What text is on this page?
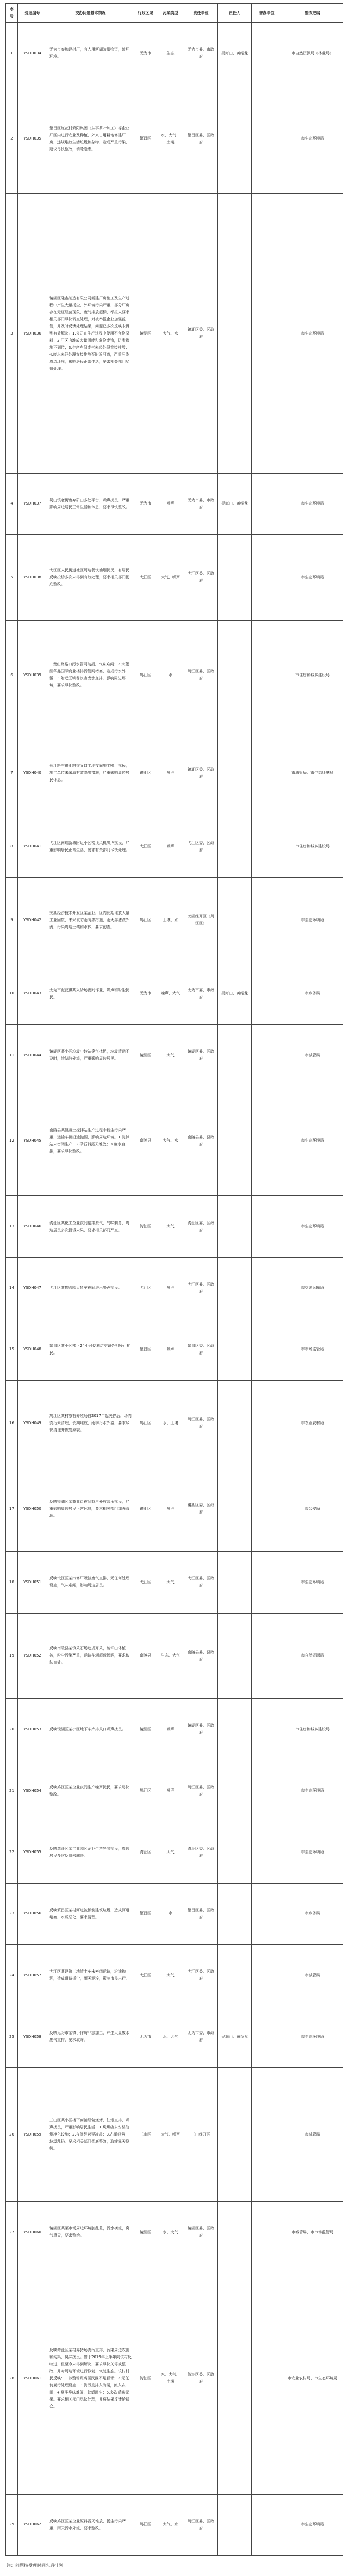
序号	受理编号	交办问题基本情况	行政区域	污染类型	责任单位	责任人	督办单位	整改进展
1	YSDH034	无为市泰和建材厂，有人用河湖防洪物资，破坏环境。	无为市	生态	无为市委、市政府	吴海山、黄绍龙		市自然资源局（林业局）
2	YSDH035	繁昌区红花村繁阳集团（从事茶叶加工）等企业厂区内进行农业及种植，外来占用耕地修建厂房，违规堆放生活垃圾和杂物，造成严重污染，建议尽快整改，消除隐患。	繁昌区	水、大气、土壤	繁昌区委、区政府			市生态环境局
3	YSDH036	镜湖区隆鑫制造有限公司新建厂房施工及生产过程中产生大量扬尘，外环境污染严重，部分厂房存在无证经营现象，废气排放超标，举报人要求相关部门尽快调查处理，对被举报企业加强监管，并及时反馈处理结果，问题已多次反映未得到有效解决。1.公司在生产过程中使用不合格原料；2.厂区内堆放大量固废和危险废物，防渗措施不到位；3.生产车间废气未经处理直接排放；4.废水未经处理直接排放至附近河道，严重污染周边环境，影响居民正常生活，要求相关部门尽快处理。	镜湖区	大气、水	镜湖区委、区政府			市生态环境局
4	YSDH037	蜀山镇老街废弃矿山多处平台，噪声扰民，严重影响周边居民正常生活和休息，要求尽快整改。	无为市	噪声	无为市委、市政府	吴海山、黄绍龙		市生态环境局
5	YSDH038	弋江区人民街道社区周边餐饮油烟扰民，有居民反映投诉多次未得到有效处理，要求相关部门彻底整改。	弋江区	大气、噪声	弋江区委、区政府			市生态环境局
6	YSDH039	1.贵山路路口污水管网破损，气味难闻；2.大蓝湖华鑫国际商业楼排污管网堵塞，造成污水外溢；3.附近区域餐饮店废水直排，影响周边环境，要求尽快整改。	鸠江区	水	鸠江区委、区政府			市住房和城乡建设局
7	YSDH040	长江路与银湖路交叉口工地夜间施工噪声扰民，施工单位未采取有效降噪措施，严重影响周边居民休息。	镜湖区	噪声	镜湖区委、区政府			市城管局、市生态环境局
8	YSDH041	弋江区南瑞新城附近小区楼顶风机噪声扰民，严重影响居民正常生活，要求有关部门尽快处理。	弋江区	噪声	弋江区委、区政府			市住房和城乡建设局
9	YSDH042	芜湖经济技术开发区某企业厂区内长期堆放大量工业固废，未采取防雨防渗措施，雨天渗滤液外流，污染周边土壤和水体，要求彻查。	鸠江区	土壤、水	芜湖经开区（鸠江区）			市生态环境局
10	YSDH043	无为市泥汊镇某采砂场夜间作业，噪声和粉尘扰民。	无为市	噪声、大气	无为市委、市政府	吴海山、黄绍龙		市水务局
11	YSDH044	镜湖区某小区垃圾中转站臭气扰民，垃圾清运不及时，渗滤液外流，严重影响周边居民。	镜湖区	大气	镜湖区委、区政府			市城管局
12	YSDH045	南陵县某混凝土搅拌站生产过程中粉尘污染严重，运输车辆沿途抛洒，影响周边环境。1.搅拌站未密闭生产；2.砂石料露天堆放；3.废水直排，要求尽快整改。	南陵县	大气、水	南陵县委、县政府			市生态环境局
13	YSDH046	湾沚区某化工企业夜间偷排废气，气味刺鼻，周边居民多次投诉未果，要求相关部门严查。	湾沚区	大气	湾沚区委、区政府			市生态环境局
14	YSDH047	弋江区某物流园大货车夜间进出噪声扰民。	弋江区	噪声	弋江区委、区政府			市交通运输局
15	YSDH048	繁昌区某小区楼下24小时便利店空调外机噪声扰民。	繁昌区	噪声	繁昌区委、区政府			市市场监管局
16	YSDH049	鸠江区某村原有养殖场自2017年起关停后，场内粪污未清理，长期堆放，雨季污水外溢，要求尽快清理并恢复原貌。	鸠江区	水、土壤	鸠江区委、区政府			市农业农村局
17	YSDH050	反映镜湖区某商业街夜间商户外放音乐扰民，严重影响周边居民正常休息，要求相关部门加强管理。	镜湖区	噪声	镜湖区委、区政府			市公安局
18	YSDH051	反映弋江区某汽修厂喷漆废气直排，无任何处理设施，气味难闻，影响周边居民。	弋江区	大气	弋江区委、区政府			市生态环境局
19	YSDH052	反映南陵县某镇采石场违规开采，破坏山体植被，粉尘污染严重，运输车辆超载抛洒，要求依法查处。	南陵县	生态、大气	南陵县委、县政府			市自然资源局
20	YSDH053	反映镜湖区某小区地下车库排风口噪声扰民。	镜湖区	噪声	镜湖区委、区政府			市住房和城乡建设局
21	YSDH054	反映鸠江区某企业夜间生产噪声扰民，要求尽快整改。	鸠江区	噪声	鸠江区委、区政府			市生态环境局
22	YSDH055	反映湾沚区某工业园区企业生产异味扰民，周边居民多次反映未解决。	湾沚区	大气	湾沚区委、区政府			市生态环境局
23	YSDH056	反映繁昌区某村河道被倾倒建筑垃圾，造成河道堵塞，水质恶化，要求清理。	繁昌区	水	繁昌区委、区政府			市水务局
24	YSDH057	弋江区某建筑工地渣土车未密闭运输，沿途抛洒，造成道路扬尘，雨天泥泞，影响市民出行。	弋江区	大气	弋江区委、区政府			市城管局
25	YSDH058	反映无为市某镇小作坊非法加工，产生大量废水废气直排，要求取缔。	无为市	水、大气	无为市委、市政府	吴海山、黄绍龙		市生态环境局
26	YSDH059	三山区某小区楼下商铺经营烧烤，油烟直排，噪声扰民，严重影响居民生活：1.烧烤店未安装油烟净化设施；2.夜间经营至凌晨；3.占道经营，垃圾乱扔。要求相关部门彻底整改，取缔露天烧烤。	三山区	大气、噪声	三山经开区			市城管局
27	YSDH060	镜湖区某菜市场周边环境脏乱差，污水横流，臭气熏天，要求整治。	镜湖区	水、大气	镜湖区委、区政府			市城管局、市市场监管局
28	YSDH061	反映湾沚区某村养猪场粪污直排，污染周边农田和沟渠，臭味扰民。曾于2019年上半年向该村反映过，但至今未得到解决，要求尽快关停或整改，并对周边环境进行修复，恢复生态。该村村民反映：1.养殖场距离居民区不足百米；2.无任何粪污处理设施；3.粪污直排入沟渠，流入农田；4.夏季臭味难闻，蚊蝇滋生；5.多次反映无果。要求相关部门尽快处理，并将结果反馈给群众。	湾沚区	水、大气、土壤	湾沚区委、区政府			市农业农村局、市生态环境局
29	YSDH062	反映鸠江区某企业原料露天堆放，扬尘污染严重，雨天污水外流，要求整改。	鸠江区	大气、水	鸠江区委、区政府			市生态环境局
注：问题按受理时间先后排列
